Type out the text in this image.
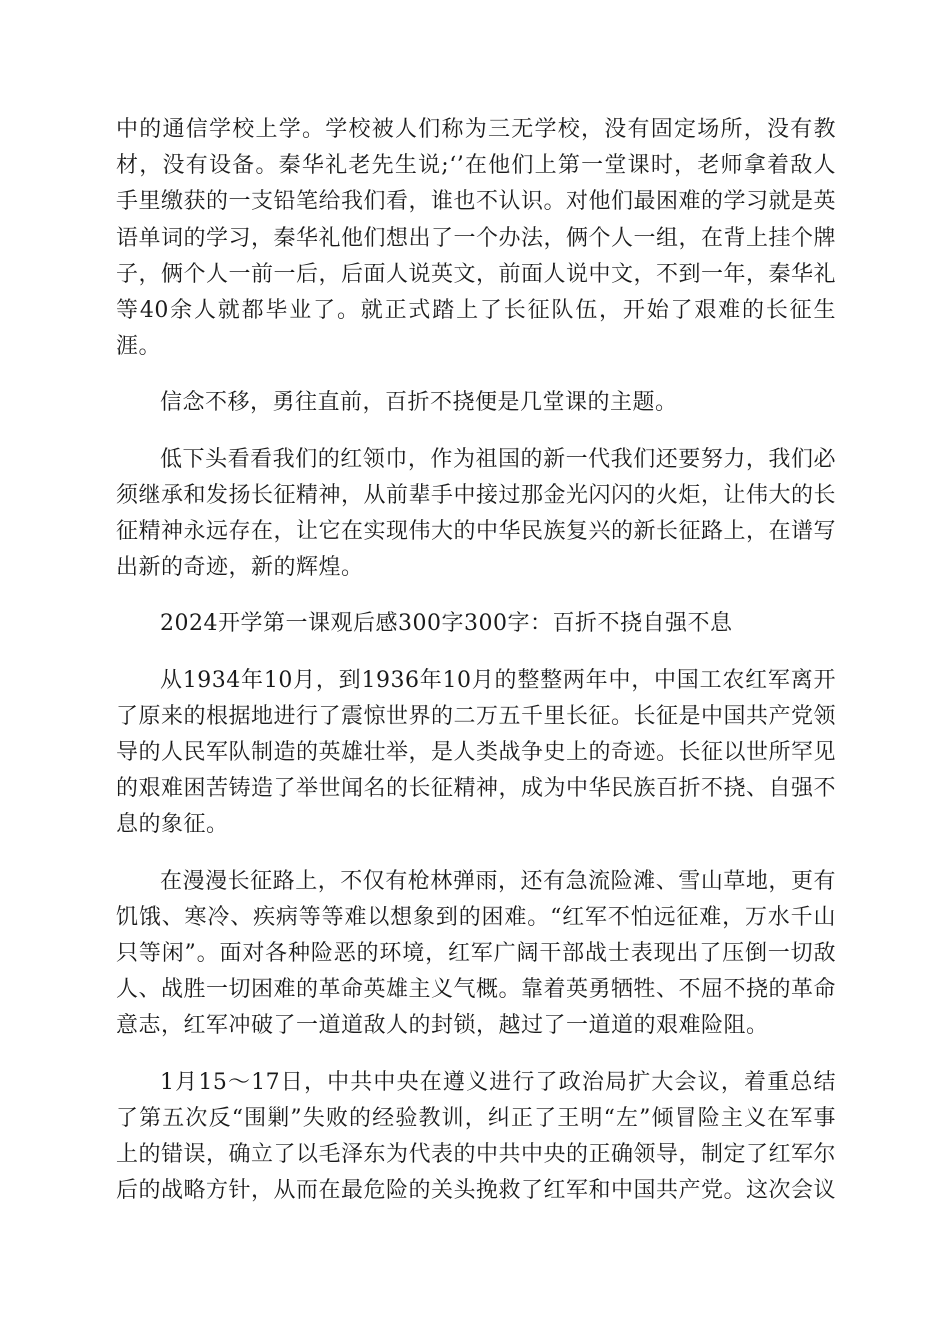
中的通信学校上学。学校被人们称为三无学校，没有固定场所，没有教材，没有设备。秦华礼老先生说;‘’在他们上第一堂课时，老师拿着敌人手里缴获的一支铅笔给我们看，谁也不认识。对他们最困难的学习就是英语单词的学习，秦华礼他们想出了一个办法，俩个人一组，在背上挂个牌子，俩个人一前一后，后面人说英文，前面人说中文，不到一年，秦华礼等40余人就都毕业了。就正式踏上了长征队伍，开始了艰难的长征生涯。

信念不移，勇往直前，百折不挠便是几堂课的主题。

低下头看看我们的红领巾，作为祖国的新一代我们还要努力，我们必须继承和发扬长征精神，从前辈手中接过那金光闪闪的火炬，让伟大的长征精神永远存在，让它在实现伟大的中华民族复兴的新长征路上，在谱写出新的奇迹，新的辉煌。

2024开学第一课观后感300字300字：百折不挠自强不息

从1934年10月，到1936年10月的整整两年中，中国工农红军离开了原来的根据地进行了震惊世界的二万五千里长征。长征是中国共产党领导的人民军队制造的英雄壮举，是人类战争史上的奇迹。长征以世所罕见的艰难困苦铸造了举世闻名的长征精神，成为中华民族百折不挠、自强不息的象征。

在漫漫长征路上，不仅有枪林弹雨，还有急流险滩、雪山草地，更有饥饿、寒冷、疾病等等难以想象到的困难。“红军不怕远征难，万水千山只等闲”。面对各种险恶的环境，红军广阔干部战士表现出了压倒一切敌人、战胜一切困难的革命英雄主义气概。靠着英勇牺牲、不屈不挠的革命意志，红军冲破了一道道敌人的封锁，越过了一道道的艰难险阻。

1月15～17日，中共中央在遵义进行了政治局扩大会议，着重总结了第五次反“围剿”失败的经验教训，纠正了王明“左”倾冒险主义在军事上的错误，确立了以毛泽东为代表的中共中央的正确领导，制定了红军尔后的战略方针，从而在最危险的关头挽救了红军和中国共产党。这次会议
